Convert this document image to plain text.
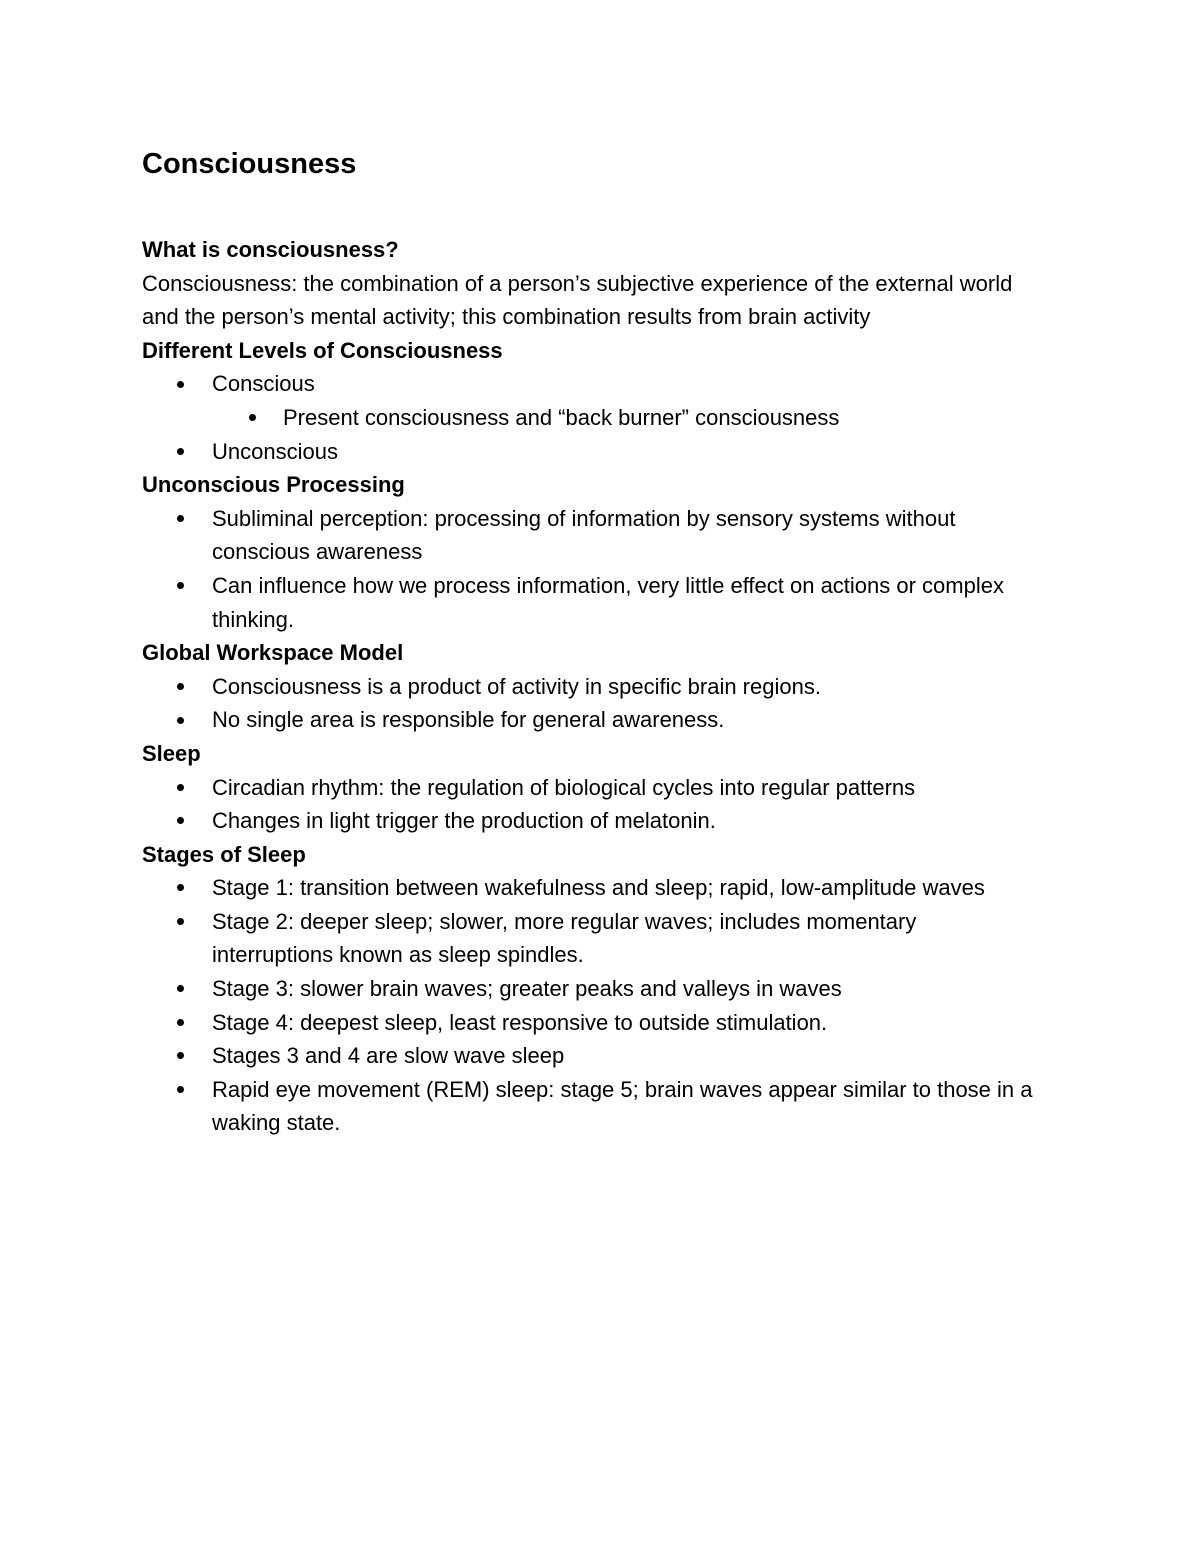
Consciousness
What is consciousness?
Consciousness: the combination of a person’s subjective experience of the external world and the person’s mental activity; this combination results from brain activity
Different Levels of Consciousness
Conscious
Present consciousness and “back burner” consciousness
Unconscious
Unconscious Processing
Subliminal perception: processing of information by sensory systems without conscious awareness
Can influence how we process information, very little effect on actions or complex thinking.
Global Workspace Model
Consciousness is a product of activity in specific brain regions.
No single area is responsible for general awareness.
Sleep
Circadian rhythm: the regulation of biological cycles into regular patterns
Changes in light trigger the production of melatonin.
Stages of Sleep
Stage 1: transition between wakefulness and sleep; rapid, low-amplitude waves
Stage 2: deeper sleep; slower, more regular waves; includes momentary interruptions known as sleep spindles.
Stage 3: slower brain waves; greater peaks and valleys in waves
Stage 4: deepest sleep, least responsive to outside stimulation.
Stages 3 and 4 are slow wave sleep
Rapid eye movement (REM) sleep: stage 5; brain waves appear similar to those in a waking state.
